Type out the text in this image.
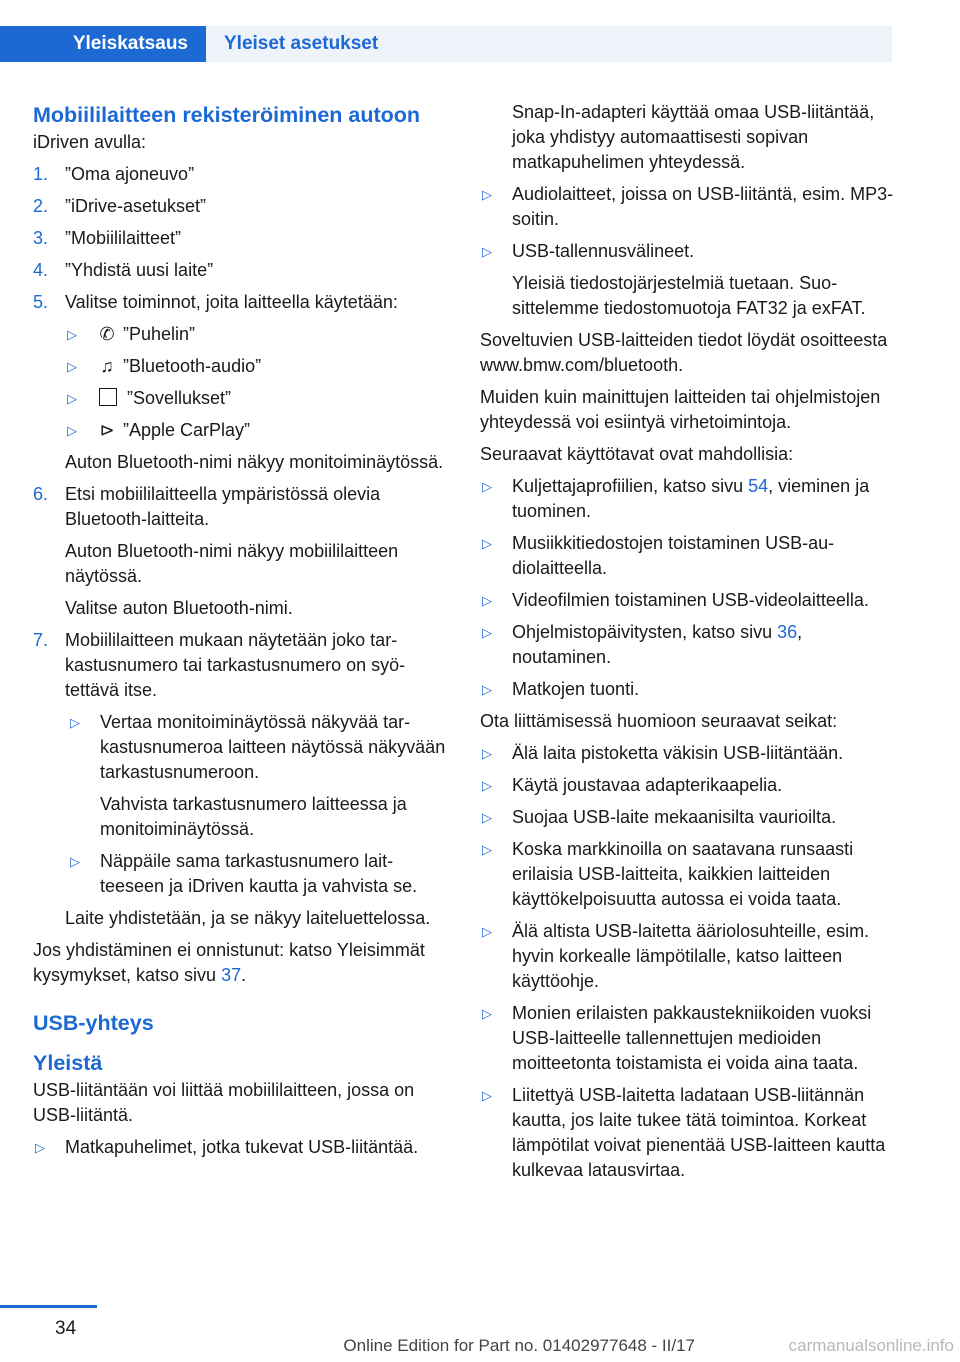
Yleiskatsaus	Yleiset asetukset
Mobiililaitteen rekisteröiminen autoon

iDriven avulla:

1. ”Oma ajoneuvo”
2. ”iDrive-asetukset”
3. ”Mobiililaitteet”
4. ”Yhdistä uusi laite”
5. Valitse toiminnot, joita laitteella käytetään:
▷ ✆ ”Puhelin”
▷ ♫ ”Bluetooth-audio”
▷	”Sovellukset”
▷ ⊳ ”Apple CarPlay”

Auton Bluetooth-nimi näkyy monitoiminäytössä.

6. Etsi mobiililaitteella ympäristössä olevia Bluetooth-laitteita.

Auton Bluetooth-nimi näkyy mobiililaitteen näytössä.

Valitse auton Bluetooth-nimi.

7. Mobiililaitteen mukaan näytetään joko tarkastusnumero tai tarkastusnumero on syötettävä itse.
▷ Vertaa monitoiminäytössä näkyvää tarkastusnumeroa laitteen näytössä näkyvään tarkastusnumeroon.

Vahvista tarkastusnumero laitteessa ja monitoiminäytössä.

▷ Näppäile sama tarkastusnumero laitteeseen ja iDriven kautta ja vahvista se.

Laite yhdistetään, ja se näkyy laiteluettelossa.

Jos yhdistäminen ei onnistunut: katso Yleisimmät kysymykset, katso sivu 37.

USB-yhteys
Yleistä

USB-liitäntään voi liittää mobiililaitteen, jossa on USB-liitäntä.

▷ Matkapuhelimet, jotka tukevat USB-liitäntää.

Snap-In-adapteri käyttää omaa USB-liitäntää, joka yhdistyy automaattisesti sopivan matkapuhelimen yhteydessä.

▷ Audiolaitteet, joissa on USB-liitäntä, esim. MP3-soitin.
▷ USB-tallennusvälineet.

Yleisiä tiedostojärjestelmiä tuetaan. Suosittelemme tiedostomuotoja FAT32 ja exFAT.

Soveltuvien USB-laitteiden tiedot löydät osoitteesta www.bmw.com/bluetooth.

Muiden kuin mainittujen laitteiden tai ohjelmistojen yhteydessä voi esiintyä virhetoimintoja.

Seuraavat käyttötavat ovat mahdollisia:

▷ Kuljettajaprofiilien, katso sivu 54, vieminen ja tuominen.
▷ Musiikkitiedostojen toistaminen USB-audiolaitteella.
▷ Videofilmien toistaminen USB-videolaitteella.
▷ Ohjelmistopäivitysten, katso sivu 36, noutaminen.
▷ Matkojen tuonti.

Ota liittämisessä huomioon seuraavat seikat:

▷ Älä laita pistoketta väkisin USB-liitäntään.
▷ Käytä joustavaa adapterikaapelia.
▷ Suojaa USB-laite mekaanisilta vaurioilta.
▷ Koska markkinoilla on saatavana runsaasti erilaisia USB-laitteita, kaikkien laitteiden käyttökelpoisuutta autossa ei voida taata.
▷ Älä altista USB-laitetta ääriolosuhteille, esim. hyvin korkealle lämpötilalle, katso laitteen käyttöohje.
▷ Monien erilaisten pakkaustekniikoiden vuoksi USB-laitteelle tallennettujen medioiden moitteetonta toistamista ei voida aina taata.
▷ Liitettyä USB-laitetta ladataan USB-liitännän kautta, jos laite tukee tätä toimintoa. Korkeat lämpötilat voivat pienentää USB-laitteen kautta kulkevaa latausvirtaa.
34
Online Edition for Part no. 01402977648 - II/17	carmanualsonline.info
